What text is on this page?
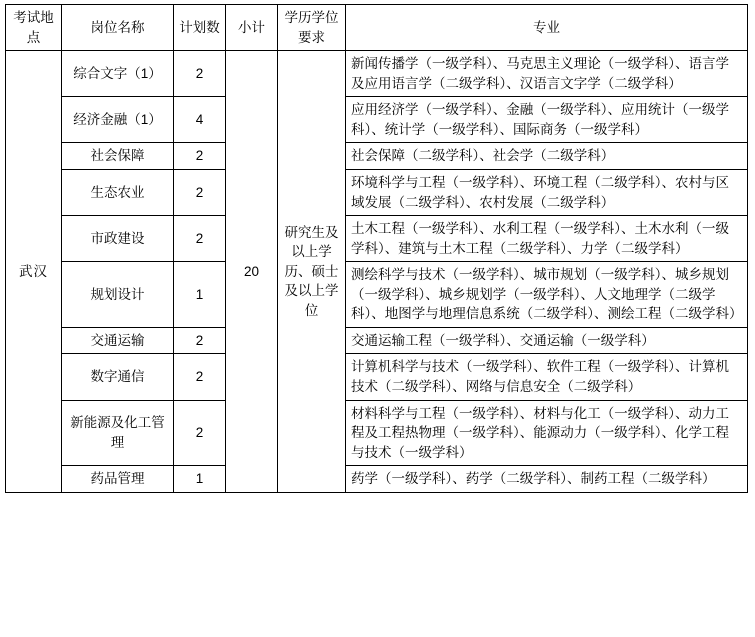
考试地点	岗位名称	计划数	小计	学历学位要求	专业
武汉	综合文字（1）	2	20	研究生及以上学历、硕士及以上学位	新闻传播学（一级学科）、马克思主义理论（一级学科）、语言学及应用语言学（二级学科）、汉语言文字学（二级学科）
	经济金融（1）	4			应用经济学（一级学科）、金融（一级学科）、应用统计（一级学科）、统计学（一级学科）、国际商务（一级学科）
	社会保障	2			社会保障（二级学科）、社会学（二级学科）
	生态农业	2			环境科学与工程（一级学科）、环境工程（二级学科）、农村与区域发展（二级学科）、农村发展（二级学科）
	市政建设	2			土木工程（一级学科）、水利工程（一级学科）、土木水利（一级学科）、建筑与土木工程（二级学科）、力学（二级学科）
	规划设计	1			测绘科学与技术（一级学科）、城市规划（一级学科）、城乡规划（一级学科）、城乡规划学（一级学科）、人文地理学（二级学科）、地图学与地理信息系统（二级学科）、测绘工程（二级学科）
	交通运输	2			交通运输工程（一级学科）、交通运输（一级学科）
	数字通信	2			计算机科学与技术（一级学科）、软件工程（一级学科）、计算机技术（二级学科）、网络与信息安全（二级学科）
	新能源及化工管理	2			材料科学与工程（一级学科）、材料与化工（一级学科）、动力工程及工程热物理（一级学科）、能源动力（一级学科）、化学工程与技术（一级学科）
	药品管理	1			药学（一级学科）、药学（二级学科）、制药工程（二级学科）
